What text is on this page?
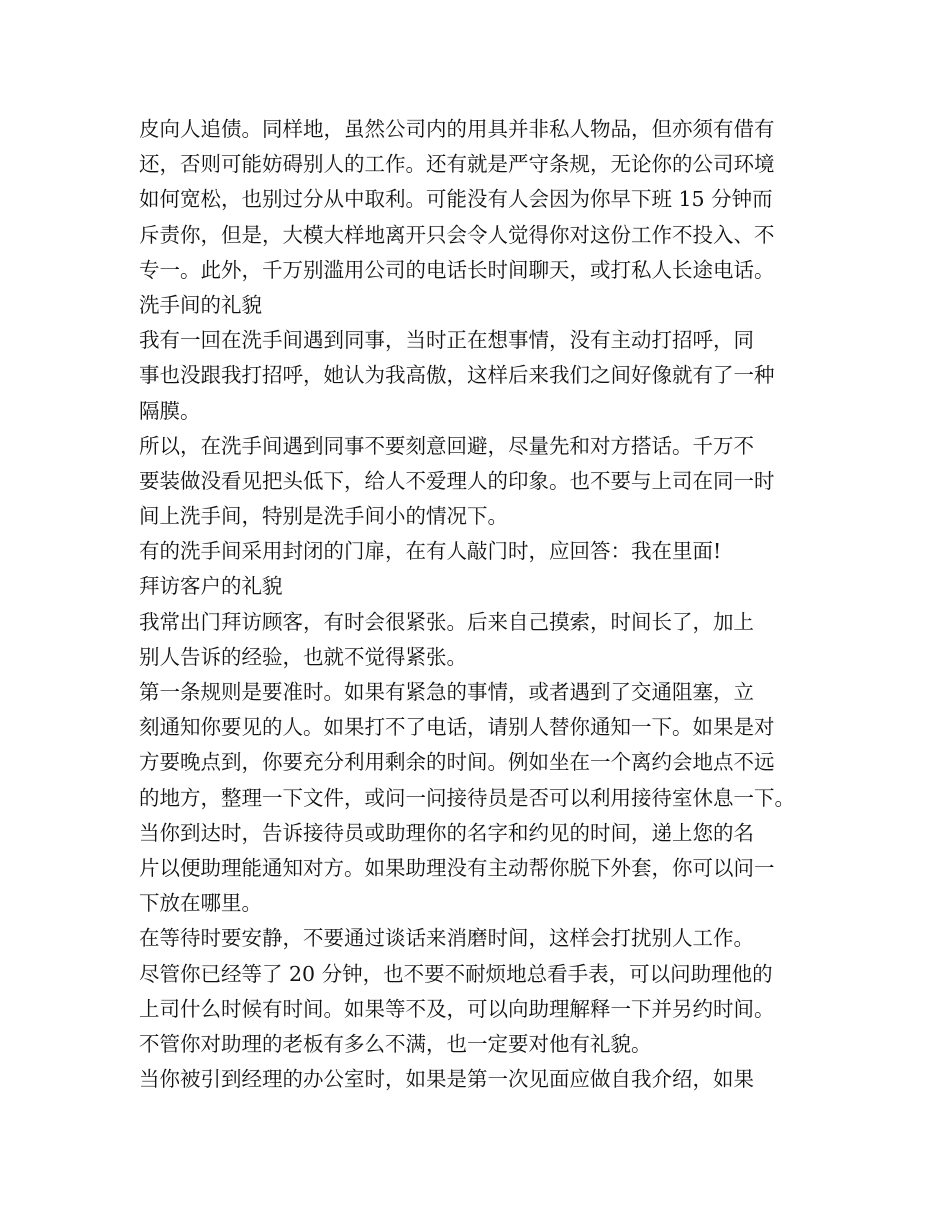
皮向人追债。同样地，虽然公司内的用具并非私人物品，但亦须有借有
还，否则可能妨碍别人的工作。还有就是严守条规，无论你的公司环境
如何宽松，也别过分从中取利。可能没有人会因为你早下班 15 分钟而
斥责你，但是，大模大样地离开只会令人觉得你对这份工作不投入、不
专一。此外，千万别滥用公司的电话长时间聊天，或打私人长途电话。
洗手间的礼貌
我有一回在洗手间遇到同事，当时正在想事情，没有主动打招呼，同
事也没跟我打招呼，她认为我高傲，这样后来我们之间好像就有了一种
隔膜。
所以，在洗手间遇到同事不要刻意回避，尽量先和对方搭话。千万不
要装做没看见把头低下，给人不爱理人的印象。也不要与上司在同一时
间上洗手间，特别是洗手间小的情况下。
有的洗手间采用封闭的门扉，在有人敲门时，应回答：我在里面!
拜访客户的礼貌
我常出门拜访顾客，有时会很紧张。后来自己摸索，时间长了，加上
别人告诉的经验，也就不觉得紧张。
第一条规则是要准时。如果有紧急的事情，或者遇到了交通阻塞，立
刻通知你要见的人。如果打不了电话，请别人替你通知一下。如果是对
方要晚点到，你要充分利用剩余的时间。例如坐在一个离约会地点不远
的地方，整理一下文件，或问一问接待员是否可以利用接待室休息一下。
当你到达时，告诉接待员或助理你的名字和约见的时间，递上您的名
片以便助理能通知对方。如果助理没有主动帮你脱下外套，你可以问一
下放在哪里。
在等待时要安静，不要通过谈话来消磨时间，这样会打扰别人工作。
尽管你已经等了 20 分钟，也不要不耐烦地总看手表，可以问助理他的
上司什么时候有时间。如果等不及，可以向助理解释一下并另约时间。
不管你对助理的老板有多么不满，也一定要对他有礼貌。
当你被引到经理的办公室时，如果是第一次见面应做自我介绍，如果
